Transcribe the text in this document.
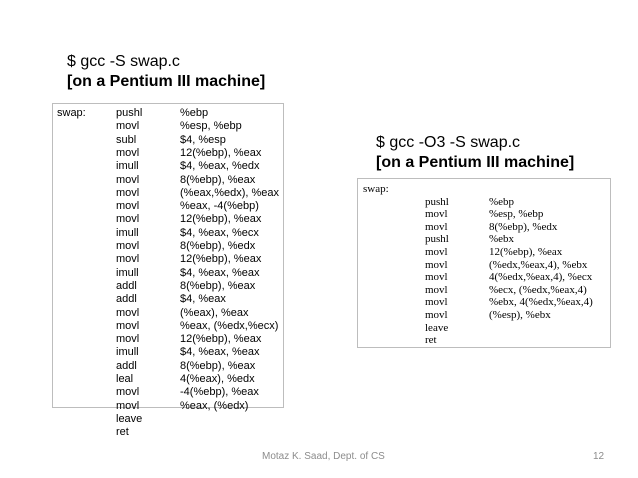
$ gcc -S swap.c
[on a Pentium III machine]
swap:	pushl	%ebp
movl	%esp, %ebp
subl	$4, %esp
movl	12(%ebp), %eax
imull	$4, %eax, %edx
movl	8(%ebp), %eax
movl	(%eax,%edx), %eax
movl	%eax, -4(%ebp)
movl	12(%ebp), %eax
imull	$4, %eax, %ecx
movl	8(%ebp), %edx
movl	12(%ebp), %eax
imull	$4, %eax, %eax
addl	8(%ebp), %eax
addl	$4, %eax
movl	(%eax), %eax
movl	%eax, (%edx,%ecx)
movl	12(%ebp), %eax
imull	$4, %eax, %eax
addl	8(%ebp), %eax
leal	4(%eax), %edx
movl	-4(%ebp), %eax
movl	%eax, (%edx)
leave
ret
$ gcc -O3 -S swap.c
[on a Pentium III machine]
swap:
pushl	%ebp
movl	%esp, %ebp
movl	8(%ebp), %edx
pushl	%ebx
movl	12(%ebp), %eax
movl	(%edx,%eax,4), %ebx
movl	4(%edx,%eax,4), %ecx
movl	%ecx, (%edx,%eax,4)
movl	%ebx, 4(%edx,%eax,4)
movl	(%esp), %ebx
leave
ret
Motaz K. Saad, Dept. of CS	12
